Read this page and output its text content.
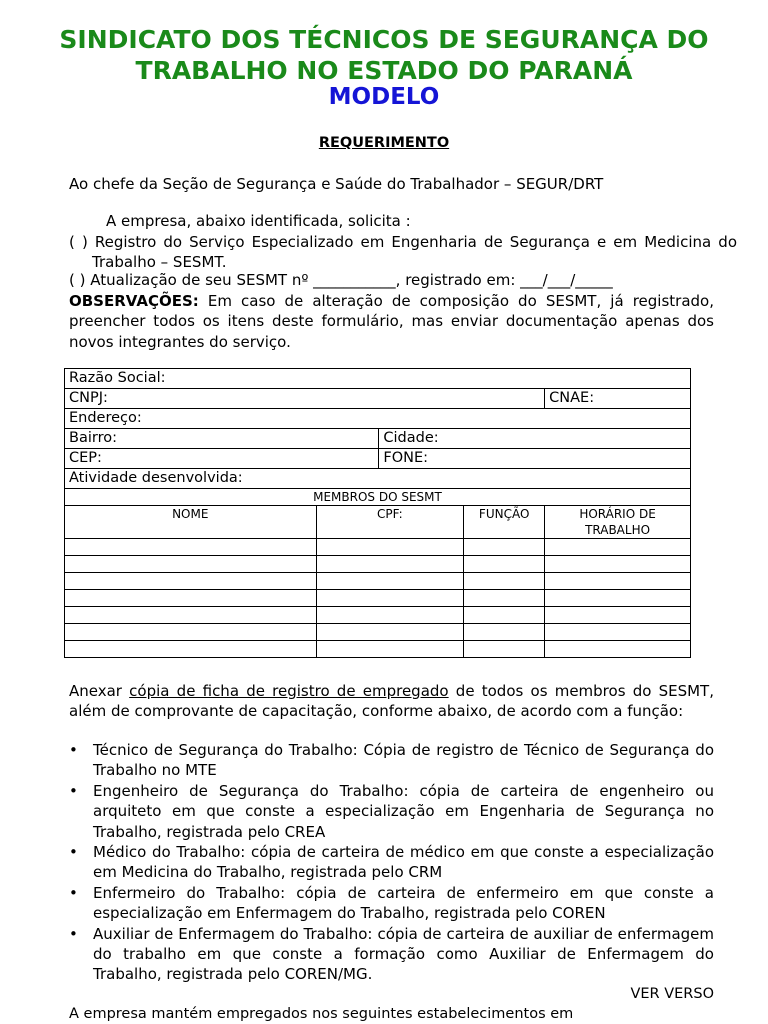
SINDICATO DOS TÉCNICOS DE SEGURANÇA DO
TRABALHO NO ESTADO DO PARANÁ
MODELO
REQUERIMENTO
Ao chefe da Seção de Segurança e Saúde do Trabalhador – SEGUR/DRT
A empresa, abaixo identificada, solicita :
( ) Registro do Serviço Especializado em Engenharia de Segurança e em Medicina do Trabalho – SESMT.
( ) Atualização de seu SESMT nº ___________, registrado em: ___/___/_____
OBSERVAÇÕES: Em caso de alteração de composição do SESMT, já registrado, preencher todos os itens deste formulário, mas enviar documentação apenas dos novos integrantes do serviço.
Razão Social:				
CNPJ:				CNAE:
Endereço:				
Bairro:		Cidade:		
CEP:		FONE:		
Atividade desenvolvida:				
MEMBROS DO SESMT				
NOME	CPF:		FUNÇÃO	HORÁRIO DE
TRABALHO

Anexar cópia de ficha de registro de empregado de todos os membros do SESMT, além de comprovante de capacitação, conforme abaixo, de acordo com a função:
• Técnico de Segurança do Trabalho: Cópia de registro de Técnico de Segurança do Trabalho no MTE
• Engenheiro de Segurança do Trabalho: cópia de carteira de engenheiro ou arquiteto em que conste a especialização em Engenharia de Segurança no Trabalho, registrada pelo CREA
• Médico do Trabalho: cópia de carteira de médico em que conste a especialização em Medicina do Trabalho, registrada pelo CRM
• Enfermeiro do Trabalho: cópia de carteira de enfermeiro em que conste a especialização em Enfermagem do Trabalho, registrada pelo COREN
• Auxiliar de Enfermagem do Trabalho: cópia de carteira de auxiliar de enfermagem do trabalho em que conste a formação como Auxiliar de Enfermagem do Trabalho, registrada pelo COREN/MG.
VER VERSO
A empresa mantém empregados nos seguintes estabelecimentos em
